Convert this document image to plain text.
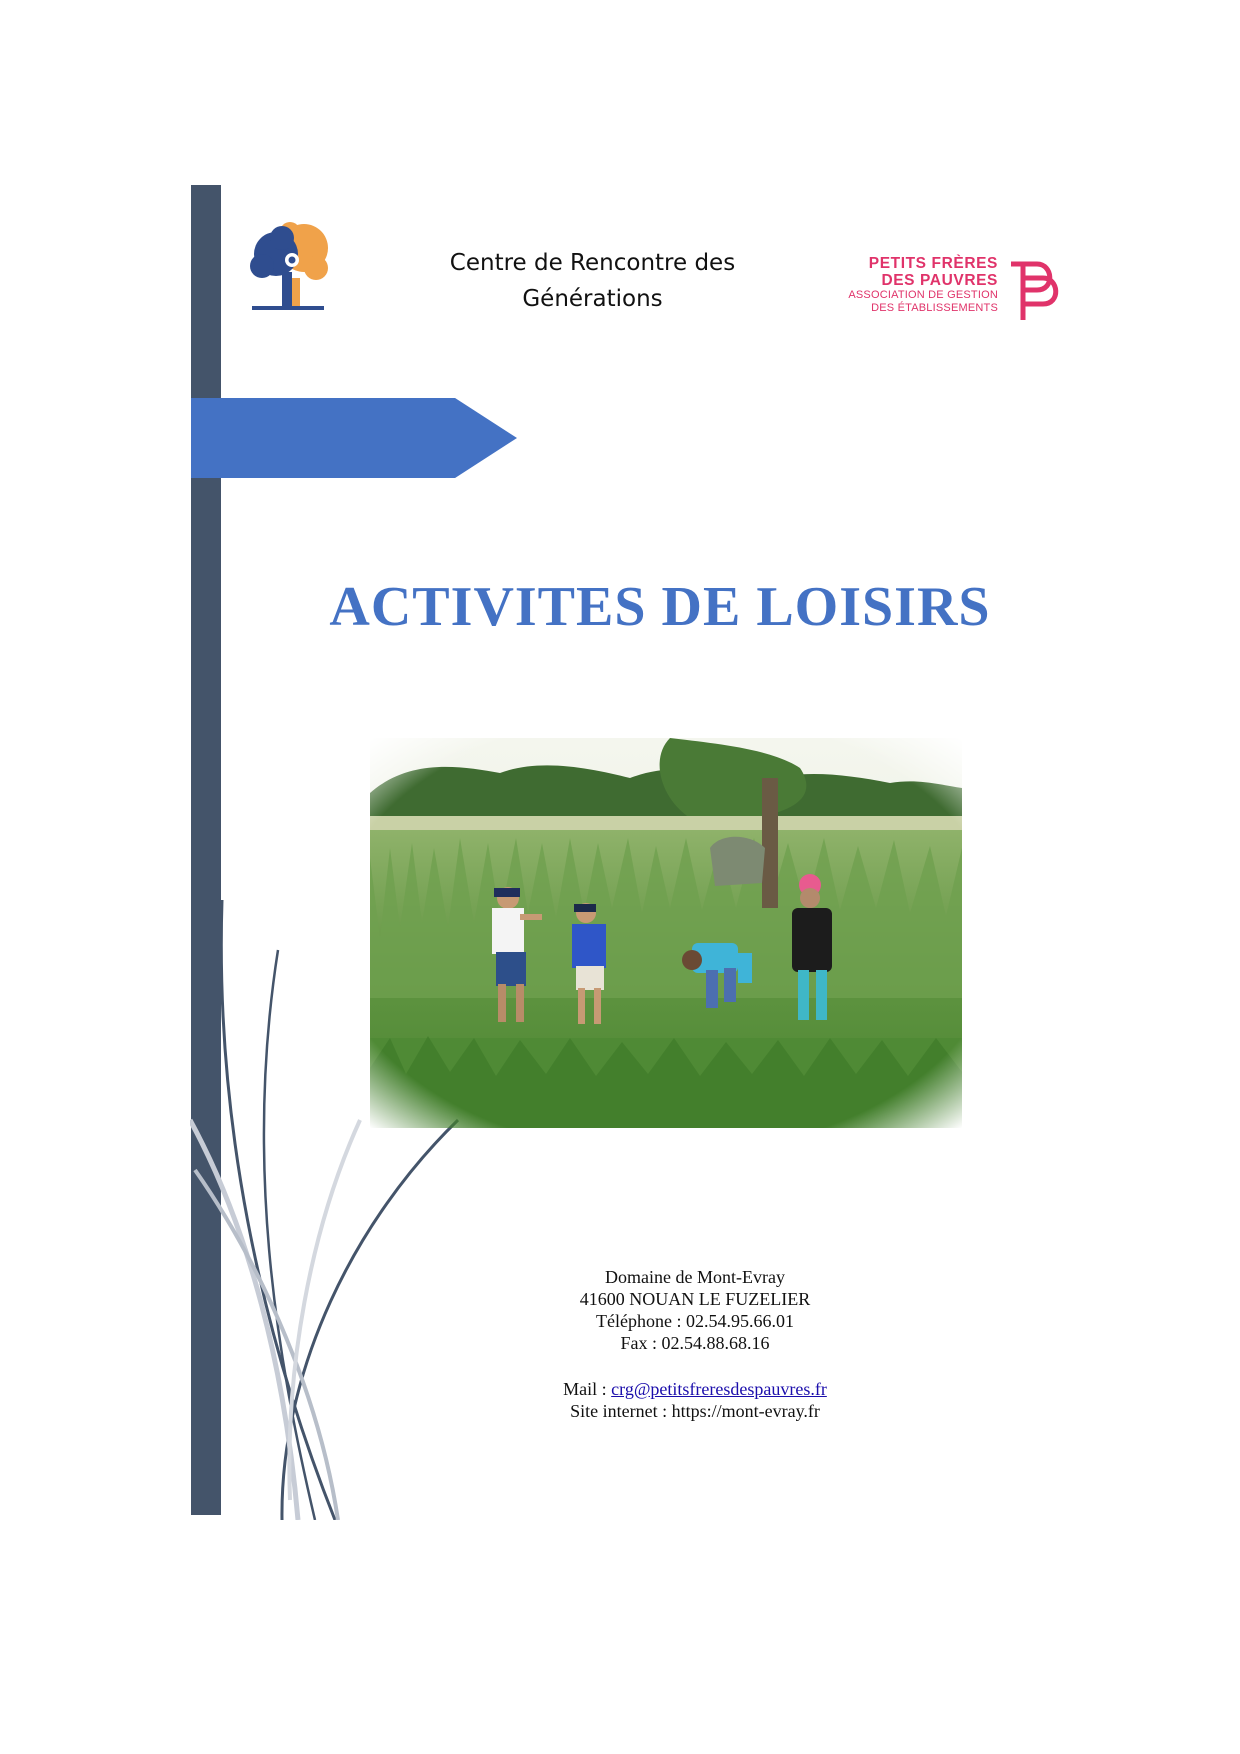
Centre de Rencontre des
Générations
PETITS FRÈRES
DES PAUVRES
ASSOCIATION DE GESTION
DES ÉTABLISSEMENTS
ACTIVITES DE LOISIRS
Domaine de Mont-Evray
41600 NOUAN LE FUZELIER
Téléphone : 02.54.95.66.01
Fax : 02.54.88.68.16
Mail : crg@petitsfreresdespauvres.fr
Site internet : https://mont-evray.fr
